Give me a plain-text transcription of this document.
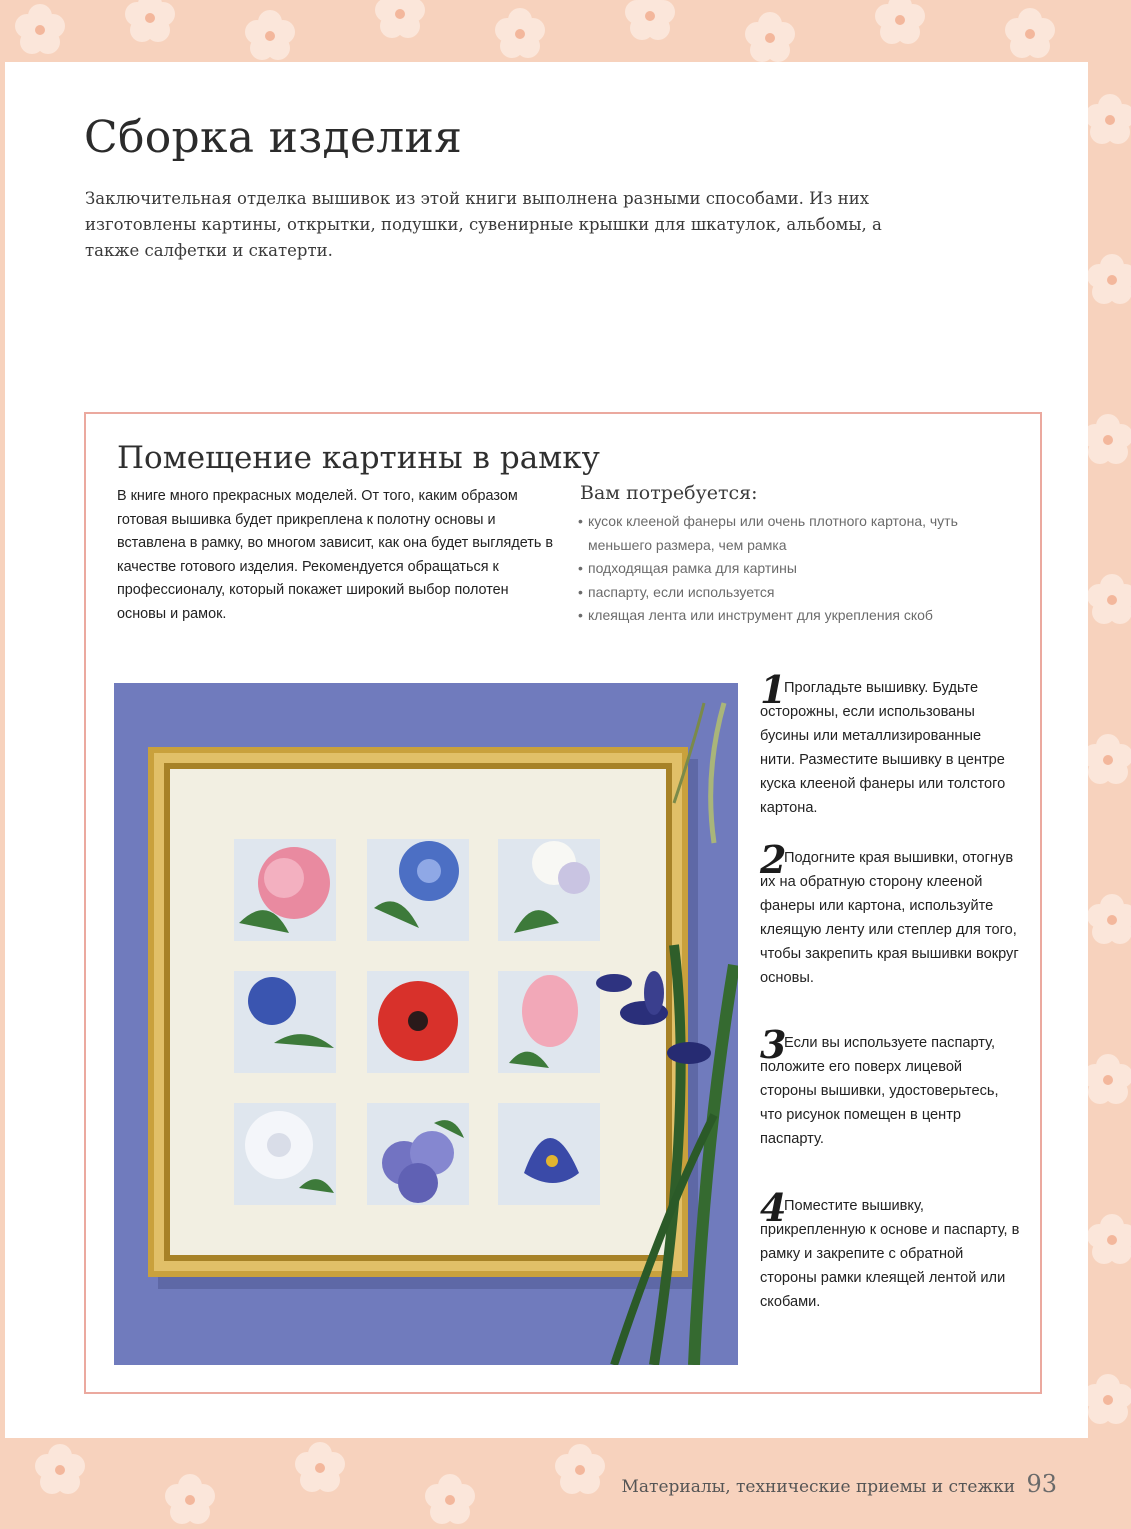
Сборка изделия

Заключительная отделка вышивок из этой книги выполнена разными способами. Из них изготовлены картины, открытки, подушки, сувенирные крышки для шкатулок, альбомы, а также салфетки и скатерти.

Помещение картины в рамку

В книге много прекрасных моделей. От того, каким образом готовая вышивка будет прикреплена к полотну основы и вставлена в рамку, во многом зависит, как она будет выглядеть в качестве готового изделия. Рекомендуется обращаться к профессионалу, который покажет широкий выбор полотен основы и рамок.

Вам потребуется:
• кусок клееной фанеры или очень плотного картона, чуть меньшего размера, чем рамка
• подходящая рамка для картины
• паспарту, если используется
• клеящая лента или инструмент для укрепления скоб
1

Прогладьте вышивку. Будьте осторожны, если использованы бусины или металлизированные нити. Разместите вышивку в центре куска клееной фанеры или толстого картона.

2

Подогните края вышивки, отогнув их на обратную сторону клееной фанеры или картона, используйте клеящую ленту или степлер для того, чтобы закрепить края вышивки вокруг основы.

3

Если вы используете паспарту, положите его поверх лицевой стороны вышивки, удостоверьтесь, что рисунок помещен в центр паспарту.

4

Поместите вышивку, прикрепленную к основе и паспарту, в рамку и закрепите с обратной стороны рамки клеящей лентой или скобами.

Материалы, технические приемы и стежки 93
